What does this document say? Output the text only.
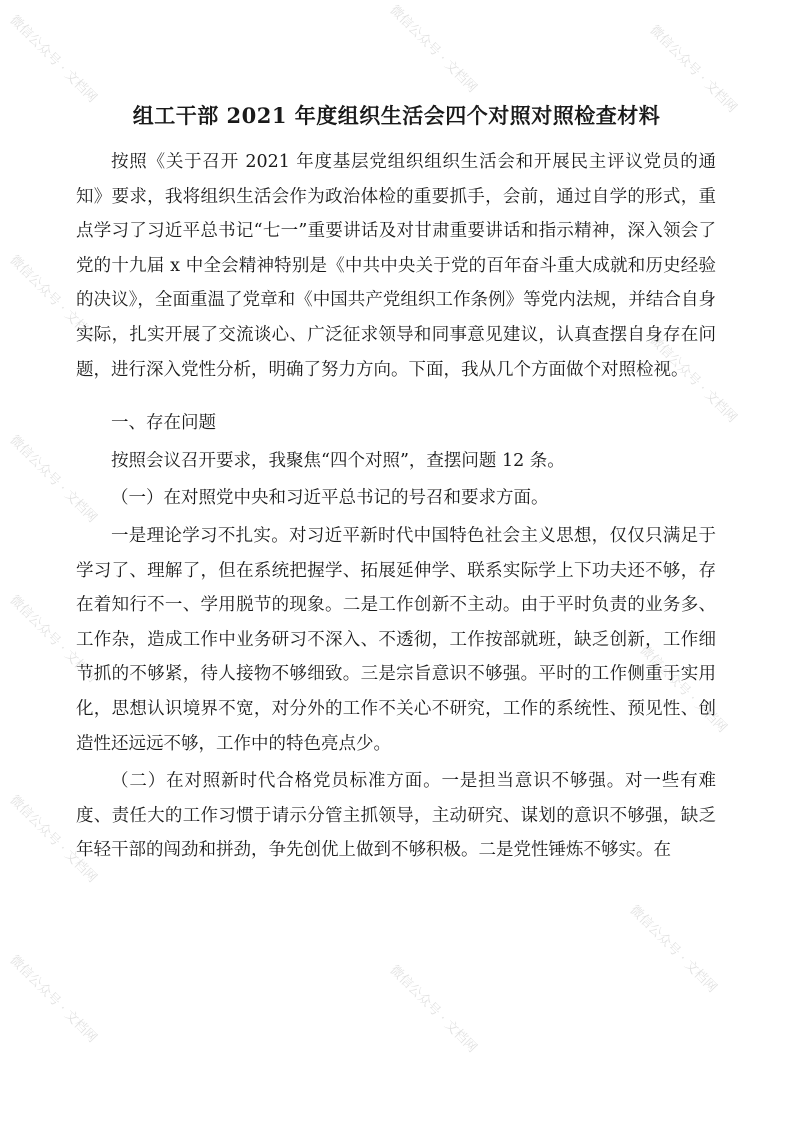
微信公众号 · 文档网	微信公众号 · 文档网	微信公众号 · 文档网
微信公众号 · 文档网
微信公众号 · 文档网
微信公众号 · 文档网
微信公众号 · 文档网
微信公众号 · 文档网
微信公众号 · 文档网
微信公众号 · 文档网
微信公众号 · 文档网	微信公众号 · 文档网
组工干部 2021 年度组织生活会四个对照对照检查材料

按照《关于召开 2021 年度基层党组织组织生活会和开展民主评议党员的通知》要求，我将组织生活会作为政治体检的重要抓手，会前，通过自学的形式，重点学习了习近平总书记“七一”重要讲话及对甘肃重要讲话和指示精神，深入领会了党的十九届 x 中全会精神特别是《中共中央关于党的百年奋斗重大成就和历史经验的决议》，全面重温了党章和《中国共产党组织工作条例》等党内法规，并结合自身实际，扎实开展了交流谈心、广泛征求领导和同事意见建议，认真查摆自身存在问题，进行深入党性分析，明确了努力方向。下面，我从几个方面做个对照检视。

一、存在问题

按照会议召开要求，我聚焦“四个对照”，查摆问题 12 条。

（一）在对照党中央和习近平总书记的号召和要求方面。

一是理论学习不扎实。对习近平新时代中国特色社会主义思想，仅仅只满足于学习了、理解了，但在系统把握学、拓展延伸学、联系实际学上下功夫还不够，存在着知行不一、学用脱节的现象。二是工作创新不主动。由于平时负责的业务多、工作杂，造成工作中业务研习不深入、不透彻，工作按部就班，缺乏创新，工作细节抓的不够紧，待人接物不够细致。三是宗旨意识不够强。平时的工作侧重于实用化，思想认识境界不宽，对分外的工作不关心不研究，工作的系统性、预见性、创造性还远远不够，工作中的特色亮点少。

（二）在对照新时代合格党员标准方面。一是担当意识不够强。对一些有难度、责任大的工作习惯于请示分管主抓领导，主动研究、谋划的意识不够强，缺乏年轻干部的闯劲和拼劲，争先创优上做到不够积极。二是党性锤炼不够实。在
